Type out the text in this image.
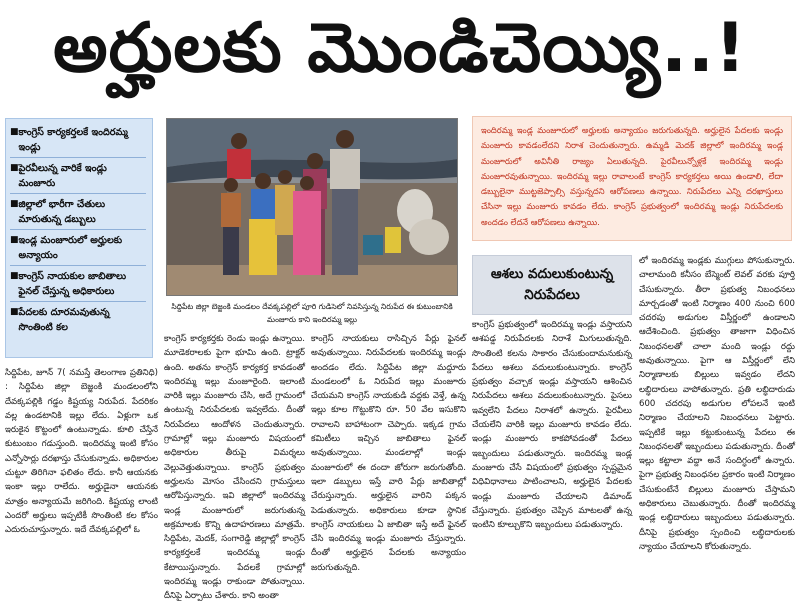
అర్హులకు మొండిచెయ్యి..!
■ కాంగ్రెస్ కార్యకర్తలకే ఇందిరమ్మ ఇండ్లు
■ పైరవీలున్న వారికే ఇండ్లు మంజూరు
■ జిల్లాలో భారీగా చేతులు మారుతున్న డబ్బులు
■ ఇండ్ల మంజూరులో అర్హులకు అన్యాయం
■ కాంగ్రెస్ నాయకుల జాబితాలు ఫైనల్ చేస్తున్న అధికారులు
■ పేదలకు దూరమవుతున్న సొంతింటి కల
సిద్దిపేట జిల్లా బెజ్జంకి మండలం దేవక్కపల్లిలో పూరి గుడిసెలో నివసిస్తున్న నిరుపేద ఈ కుటుంబానికి మంజూరు కాని ఇందిరమ్మ ఇల్లు
ఇందిరమ్మ ఇండ్ల మంజూరులో అర్హులకు అన్యాయం జరుగుతున్నది. అర్హులైన పేదలకు ఇండ్లు మంజూరు కావడంలేదని నిరాశ చెందుతున్నారు. ఉమ్మడి మెదక్ జిల్లాలో ఇందిరమ్మ ఇండ్ల మంజూరులో అవినీతి రాజ్యం ఏలుతున్నది. పైరవీలున్నోళ్లకే ఇందిరమ్మ ఇండ్లు మంజూరవుతున్నాయి. ఇందిరమ్మ ఇల్లు రావాలంటే కాంగ్రెస్ కార్యకర్తలు అయి ఉండాలి, లేదా డబ్బులైనా ముట్టజెప్పాల్సి వస్తున్నదని ఆరోపణలు ఉన్నాయి. నిరుపేదలు ఎన్ని దరఖాస్తులు చేసినా ఇల్లు మంజూరు కావడం లేదు. కాంగ్రెస్ ప్రభుత్వంలో ఇందిరమ్మ ఇండ్లు నిరుపేదలకు అందడం లేదనే ఆరోపణలు ఉన్నాయి.
ఆశలు వదులుకుంటున్న
నిరుపేదలు
సిద్దిపేట, జూన్ 7( నమస్తే తెలంగాణ ప్రతినిధి) : సిద్దిపేట జిల్లా బెజ్జంకి మండలంలోని దేవక్కపల్లికి గడ్డం కిష్టయ్య నిరుపేద. పేదరికం వల్ల ఉండటానికి ఇల్లు లేదు. ఏళ్లుగా ఒక ఇరుకైన కొట్టంలో ఉంటున్నాడు. కూలి చేస్తేనే కుటుంబం గడుస్తుంది. ఇందిరమ్మ ఇంటి కోసం ఎన్నోసార్లు దరఖాస్తు చేసుకున్నాడు. అధికారుల చుట్టూ తిరిగినా ఫలితం లేదు. కానీ ఆయనకు ఇంకా ఇల్లు రాలేదు. అర్హుడైనా ఆయనకు మాత్రం అన్యాయమే జరిగింది. కిష్టయ్య లాంటి ఎందరో అర్హులు ఇప్పటికీ సొంతింటి కల కోసం ఎదురుచూస్తున్నారు. ఇదే దేవక్కపల్లిలో ఓ
కాంగ్రెస్ కార్యకర్తకు రెండు ఇండ్లు ఉన్నాయి. మూడెకరాలకు పైగా భూమి ఉంది. ట్రాక్టర్ ఉంది. అతను కాంగ్రెస్ కార్యకర్త కావడంతో ఇందిరమ్మ ఇల్లు మంజూరైంది. ఇలాంటి వారికి ఇల్లు మంజూరు చేసి, అదే గ్రామంలో ఉంటున్న నిరుపేదలకు ఇవ్వలేదు. దీంతో నిరుపేదలు ఆందోళన చెందుతున్నారు. గ్రామాల్లో ఇల్లు మంజూరు విషయంలో అధికారుల తీరుపై విమర్శలు వెల్లువెత్తుతున్నాయి. కాంగ్రెస్ ప్రభుత్వం అర్హులను మోసం చేసిందని గ్రామస్తులు ఆరోపిస్తున్నారు. ఇవి జిల్లాలో ఇందిరమ్మ ఇండ్ల మంజూరులో జరుగుతున్న అక్రమాలకు కొన్ని ఉదాహరణలు మాత్రమే. సిద్దిపేట, మెదక్, సంగారెడ్డి జిల్లాల్లో కాంగ్రెస్ కార్యకర్తలకే ఇందిరమ్మ ఇండ్లు కేటాయిస్తున్నారు. పేదలకే గ్రామాల్లో ఇందిరమ్మ ఇండ్లు రాకుండా పోతున్నాయి. దీనిపై ఏర్పాటు చేశారు. కాని అంతా
కాంగ్రెస్ నాయకులు రాసిచ్చిన పేర్లు ఫైనల్ అవుతున్నాయి. నిరుపేదలకు ఇందిరమ్మ ఇండ్లు అందడం లేదు. సిద్దిపేట జిల్లా మద్దూరు మండలంలో ఓ నిరుపేద ఇల్లు మంజూరు చేయమని కాంగ్రెస్ నాయకుడి వద్దకు వెళ్తే, ఉన్న ఇల్లు కూల గొట్టుకొని రూ. 50 వేల ఇసుకొని రావాలని బాహాటంగా చెప్పారు. ఇక్కడ గ్రామ కమిటీలు ఇచ్చిన జాబితాలు ఫైనల్ అవుతున్నాయి. మండలాల్లో ఇండ్లు మంజూరులో ఈ దందా జోరుగా జరుగుతోంది. ఇలా డబ్బులు ఇస్తే వారి పేర్లు జాబితాల్లో చేరుస్తున్నారు. అర్హులైన వారిని పక్కన పెడుతున్నారు. అధికారులు కూడా స్థానిక కాంగ్రెస్ నాయకులు ఏ జాబితా ఇస్తే అదే ఫైనల్ చేసి ఇందిరమ్మ ఇండ్లు మంజూరు చేస్తున్నారు. దీంతో అర్హులైన పేదలకు అన్యాయం జరుగుతున్నది.
కాంగ్రెస్ ప్రభుత్వంలో ఇందిరమ్మ ఇండ్లు వస్తాయని ఆశపడ్డ నిరుపేదలకు నిరాశే మిగులుతున్నది. సొంతింటి కలను సాకారం చేసుకుందామనుకున్న పేదలు ఆశలు వదులుకుంటున్నారు. కాంగ్రెస్ ప్రభుత్వం వచ్చాక ఇండ్లు వస్తాయని ఆశించిన నిరుపేదలు ఆశలు వదులుకుంటున్నారు. పైసలు ఇవ్వలేని పేదలు నిరాశలో ఉన్నారు. పైరవీలు చేయలేని వారికి ఇల్లు మంజూరు కావడం లేదు. ఇండ్లు మంజూరు కాకపోవడంతో పేదలు ఇబ్బందులు పడుతున్నారు. ఇందిరమ్మ ఇండ్ల మంజూరు చేసే విషయంలో ప్రభుత్వం స్పష్టమైన విధివిధానాలు పాటించాలని, అర్హులైన పేదలకు ఇండ్లు మంజూరు చేయాలని డిమాండ్ చేస్తున్నారు. ప్రభుత్వం చెప్పిన మాటలతో ఉన్న ఇంటిని కూల్చుకొని ఇబ్బందులు పడుతున్నారు.
లో ఇందిరమ్మ ఇండ్లకు ముగ్గులు పోసుకున్నారు. చాలామంది కనీసం బేస్మెంట్ లెవల్ వరకు పూర్తి చేసుకున్నారు. తీరా ప్రభుత్వ నిబంధనలు మార్చడంతో ఇంటి నిర్మాణం 400 నుంచి 600 చదరపు అడుగుల విస్తీర్ణంలో ఉండాలని ఆదేశించింది. ప్రభుత్వం తాజాగా విధించిన నిబంధనలతో చాలా మంది ఇండ్లు రద్దు అవుతున్నాయి. పైగా ఆ విస్తీర్ణంలో లేని నిర్మాణాలకు బిల్లులు ఇవ్వడం లేదని లబ్ధిదారులు వాపోతున్నారు. ప్రతి లబ్ధిదారుడు 600 చదరపు అడుగుల లోపలనే ఇంటి నిర్మాణం చేయాలని నిబంధనలు పెట్టారు. ఇప్పటికే ఇల్లు కట్టుకుంటున్న పేదలు ఈ నిబంధనలతో ఇబ్బందులు పడుతున్నారు. దీంతో ఇల్లు కట్టాలా వద్దా అనే సందిగ్ధంలో ఉన్నారు. పైగా ప్రభుత్వ నిబంధనల ప్రకారం ఇంటి నిర్మాణం చేసుకుంటేనే బిల్లులు మంజూరు చేస్తామని అధికారులు చెబుతున్నారు. దీంతో ఇందిరమ్మ ఇండ్ల లబ్ధిదారులు ఇబ్బందులు పడుతున్నారు. దీనిపై ప్రభుత్వం స్పందించి లబ్ధిదారులకు న్యాయం చేయాలని కోరుతున్నారు.
